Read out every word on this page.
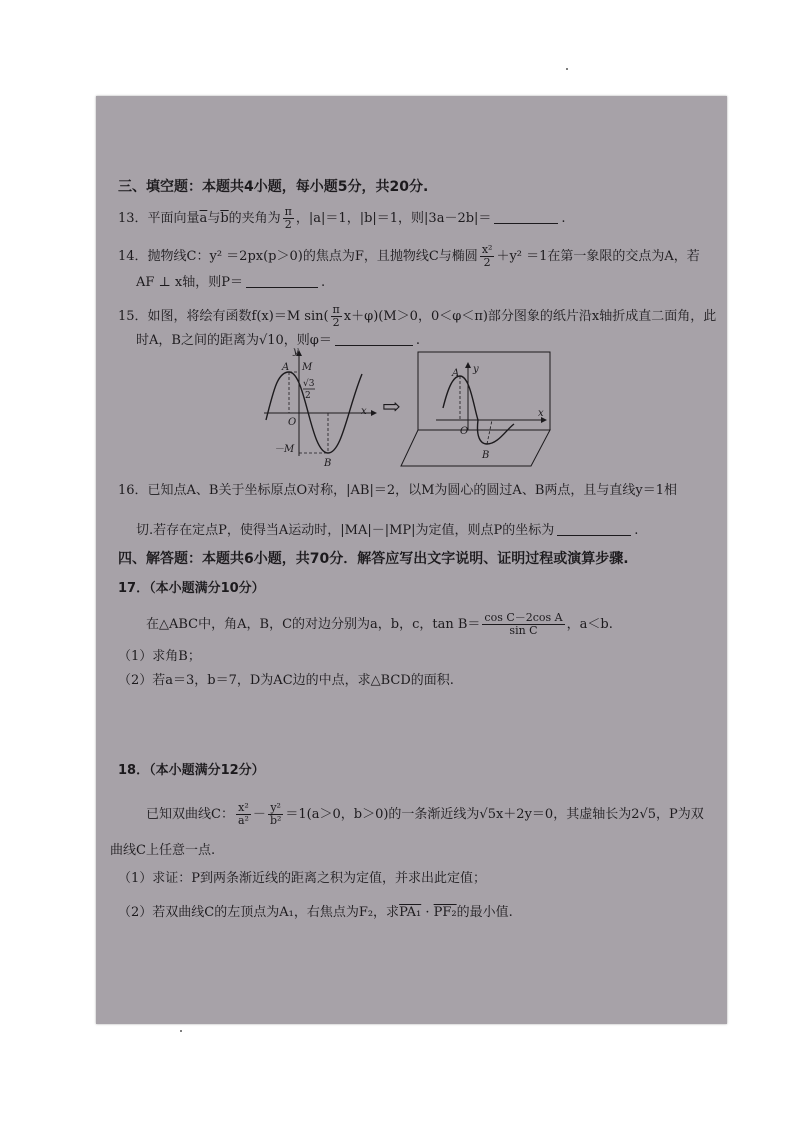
三、填空题：本题共4小题，每小题5分，共20分.
13．平面向量$\overline{a}$与$\overline{b}$的夹角为 $\frac{\pi}{2}$ ，|a|＝1，|b|＝1，则|3a－2b|＝	.
14．抛物线C：y² ＝2px(p＞0)的焦点为F，且抛物线C与椭圆 $\frac{\text{x²}}{2} +y^2 =1$在第一象限的交点为A，若
AF ⊥ x轴，则P＝	.
15．如图，将绘有函数f(x)＝M $\sin( \frac{\pi}{2} x+\varphi)(M>0$，0＜φ＜π)部分图象的纸片沿x轴折成直二面角，此
时A，B之间的距离为√10，则φ＝	.
y
A M
√3
2
O
x
－M
B
⇨
A y
O
x
B
16．已知点A、B关于坐标原点O对称，|AB|＝2，以M为圆心的圆过A、B两点，且与直线y＝1相
切.若存在定点P，使得当A运动时，|MA|－|MP|为定值，则点P的坐标为	.
四、解答题：本题共6小题，共70分．解答应写出文字说明、证明过程或演算步骤.
17．（本小题满分10分）
在△ABC中，角A，B，C的对边分别为a，b，c，$\tan B= \frac{\text{cos C－2cos A}}{\text{sin C}}$ ，a＜b.
（1）求角B；
（2）若a＝3，b＝7，D为AC边的中点，求△BCD的面积.
18．（本小题满分12分）
已知双曲线C： $\frac{\text{x²}}{\text{a²}} - \frac{\text{y²}}{\text{b²}} =1(a>0$，b＞0)的一条渐近线为√5x＋2y＝0，其虚轴长为2√5，P为双
曲线C上任意一点.
（1）求证：P到两条渐近线的距离之积为定值，并求出此定值；
（2）若双曲线C的左顶点为A₁，右焦点为F₂，求PA₁ · PF₂的最小值.
